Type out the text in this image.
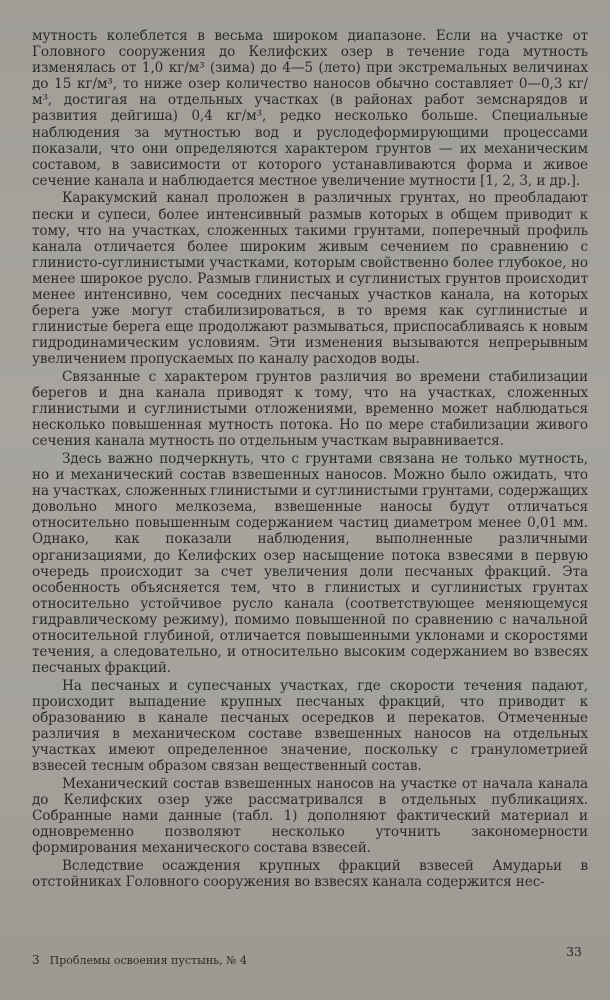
мутность колеблется в весьма широком диапазоне. Если на участке от Головного сооружения до Келифских озер в течение года мутность изменялась от 1,0 кг/м³ (зима) до 4—5 (лето) при экстремальных величинах до 15 кг/м³, то ниже озер количество наносов обычно составляет 0—0,3 кг/м³, достигая на отдельных участках (в районах работ земснарядов и развития дейгиша) 0,4 кг/м³, редко несколько больше. Специальные наблюдения за мутностью вод и руслодеформирующими процессами показали, что они определяются характером грунтов — их механическим составом, в зависимости от которого устанавливаются форма и живое сечение канала и наблюдается местное увеличение мутности [1, 2, 3, и др.].

Каракумский канал проложен в различных грунтах, но преобладают пески и супеси, более интенсивный размыв которых в общем приводит к тому, что на участках, сложенных такими грунтами, поперечный профиль канала отличается более широким живым сечением по сравнению с глинисто-суглинистыми участками, которым свойственно более глубокое, но менее широкое русло. Размыв глинистых и суглинистых грунтов происходит менее интенсивно, чем соседних песчаных участков канала, на которых берега уже могут стабилизироваться, в то время как суглинистые и глинистые берега еще продолжают размываться, приспосабливаясь к новым гидродинамическим условиям. Эти изменения вызываются непрерывным увеличением пропускаемых по каналу расходов воды.

Связанные с характером грунтов различия во времени стабилизации берегов и дна канала приводят к тому, что на участках, сложенных глинистыми и суглинистыми отложениями, временно может наблюдаться несколько повышенная мутность потока. Но по мере стабилизации живого сечения канала мутность по отдельным участкам выравнивается.

Здесь важно подчеркнуть, что с грунтами связана не только мутность, но и механический состав взвешенных наносов. Можно было ожидать, что на участках, сложенных глинистыми и суглинистыми грунтами, содержащих довольно много мелкозема, взвешенные наносы будут отличаться относительно повышенным содержанием частиц диаметром менее 0,01 мм. Однако, как показали наблюдения, выполненные различными организациями, до Келифских озер насыщение потока взвесями в первую очередь происходит за счет увеличения доли песчаных фракций. Эта особенность объясняется тем, что в глинистых и суглинистых грунтах относительно устойчивое русло канала (соответствующее меняющемуся гидравлическому режиму), помимо повышенной по сравнению с начальной относительной глубиной, отличается повышенными уклонами и скоростями течения, а следовательно, и относительно высоким содержанием во взвесях песчаных фракций.

На песчаных и супесчаных участках, где скорости течения падают, происходит выпадение крупных песчаных фракций, что приводит к образованию в канале песчаных осередков и перекатов. Отмеченные различия в механическом составе взвешенных наносов на отдельных участках имеют определенное значение, поскольку с гранулометрией взвесей тесным образом связан вещественный состав.

Механический состав взвешенных наносов на участке от начала канала до Келифских озер уже рассматривался в отдельных публикациях. Собранные нами данные (табл. 1) дополняют фактический материал и одновременно позволяют несколько уточнить закономерности формирования механического состава взвесей.

Вследствие осаждения крупных фракций взвесей Амударьи в отстойниках Головного сооружения во взвесях канала содержится нес-

3 Проблемы освоения пустынь, № 4
33
